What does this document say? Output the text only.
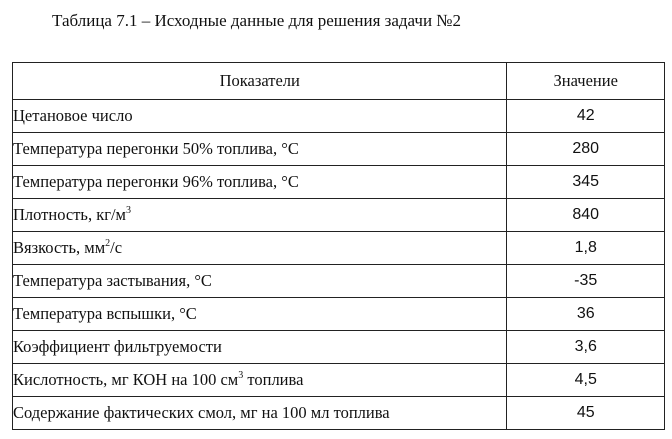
Таблица 7.1 – Исходные данные для решения задачи №2
Показатели	Значение
Цетановое число	42
Температура перегонки 50% топлива, °С	280
Температура перегонки 96% топлива, °С	345
Плотность, $кг/м^3$	840
Вязкость, $мм^2/с$	1,8
Температура застывания, °С	-35
Температура вспышки, °С	36
Коэффициент фильтруемости	3,6
Кислотность, мг КОН на 100 $см^3$ топлива	4,5
Содержание фактических смол, мг на 100 мл топлива	45
